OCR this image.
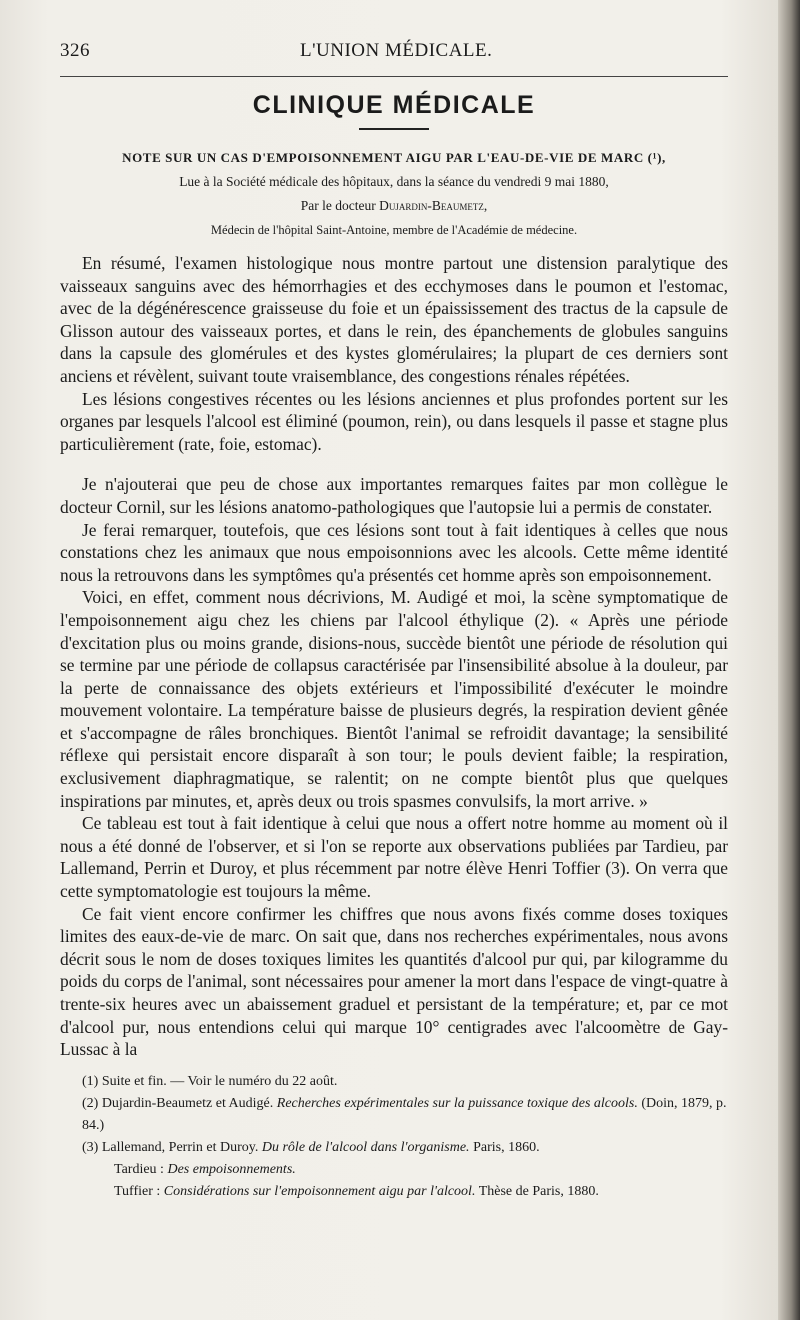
326	L'UNION MÉDICALE.
CLINIQUE MÉDICALE
NOTE SUR UN CAS D'EMPOISONNEMENT AIGU PAR L'EAU-DE-VIE DE MARC (¹),
Lue à la Société médicale des hôpitaux, dans la séance du vendredi 9 mai 1880,
Par le docteur Dujardin-Beaumetz,
Médecin de l'hôpital Saint-Antoine, membre de l'Académie de médecine.

En résumé, l'examen histologique nous montre partout une distension paralytique des vaisseaux sanguins avec des hémorrhagies et des ecchymoses dans le poumon et l'estomac, avec de la dégénérescence graisseuse du foie et un épaississement des tractus de la capsule de Glisson autour des vaisseaux portes, et dans le rein, des épanchements de globules sanguins dans la capsule des glomérules et des kystes glomérulaires; la plupart de ces derniers sont anciens et révèlent, suivant toute vraisemblance, des congestions rénales répétées.

Les lésions congestives récentes ou les lésions anciennes et plus profondes portent sur les organes par lesquels l'alcool est éliminé (poumon, rein), ou dans lesquels il passe et stagne plus particulièrement (rate, foie, estomac).

Je n'ajouterai que peu de chose aux importantes remarques faites par mon collègue le docteur Cornil, sur les lésions anatomo-pathologiques que l'autopsie lui a permis de constater.

Je ferai remarquer, toutefois, que ces lésions sont tout à fait identiques à celles que nous constations chez les animaux que nous empoisonnions avec les alcools. Cette même identité nous la retrouvons dans les symptômes qu'a présentés cet homme après son empoisonnement.

Voici, en effet, comment nous décrivions, M. Audigé et moi, la scène symptomatique de l'empoisonnement aigu chez les chiens par l'alcool éthylique (2). « Après une période d'excitation plus ou moins grande, disions-nous, succède bientôt une période de résolution qui se termine par une période de collapsus caractérisée par l'insensibilité absolue à la douleur, par la perte de connaissance des objets extérieurs et l'impossibilité d'exécuter le moindre mouvement volontaire. La température baisse de plusieurs degrés, la respiration devient gênée et s'accompagne de râles bronchiques. Bientôt l'animal se refroidit davantage; la sensibilité réflexe qui persistait encore disparaît à son tour; le pouls devient faible; la respiration, exclusivement diaphragmatique, se ralentit; on ne compte bientôt plus que quelques inspirations par minutes, et, après deux ou trois spasmes convulsifs, la mort arrive. »

Ce tableau est tout à fait identique à celui que nous a offert notre homme au moment où il nous a été donné de l'observer, et si l'on se reporte aux observations publiées par Tardieu, par Lallemand, Perrin et Duroy, et plus récemment par notre élève Henri Toffier (3). On verra que cette symptomatologie est toujours la même.

Ce fait vient encore confirmer les chiffres que nous avons fixés comme doses toxiques limites des eaux-de-vie de marc. On sait que, dans nos recherches expérimentales, nous avons décrit sous le nom de doses toxiques limites les quantités d'alcool pur qui, par kilogramme du poids du corps de l'animal, sont nécessaires pour amener la mort dans l'espace de vingt-quatre à trente-six heures avec un abaissement graduel et persistant de la température; et, par ce mot d'alcool pur, nous entendions celui qui marque 10° centigrades avec l'alcoomètre de Gay-Lussac à la

(1) Suite et fin. — Voir le numéro du 22 août.
(2) Dujardin-Beaumetz et Audigé. Recherches expérimentales sur la puissance toxique des alcools. (Doin, 1879, p. 84.)
(3) Lallemand, Perrin et Duroy. Du rôle de l'alcool dans l'organisme. Paris, 1860.
Tardieu : Des empoisonnements.
Tuffier : Considérations sur l'empoisonnement aigu par l'alcool. Thèse de Paris, 1880.
